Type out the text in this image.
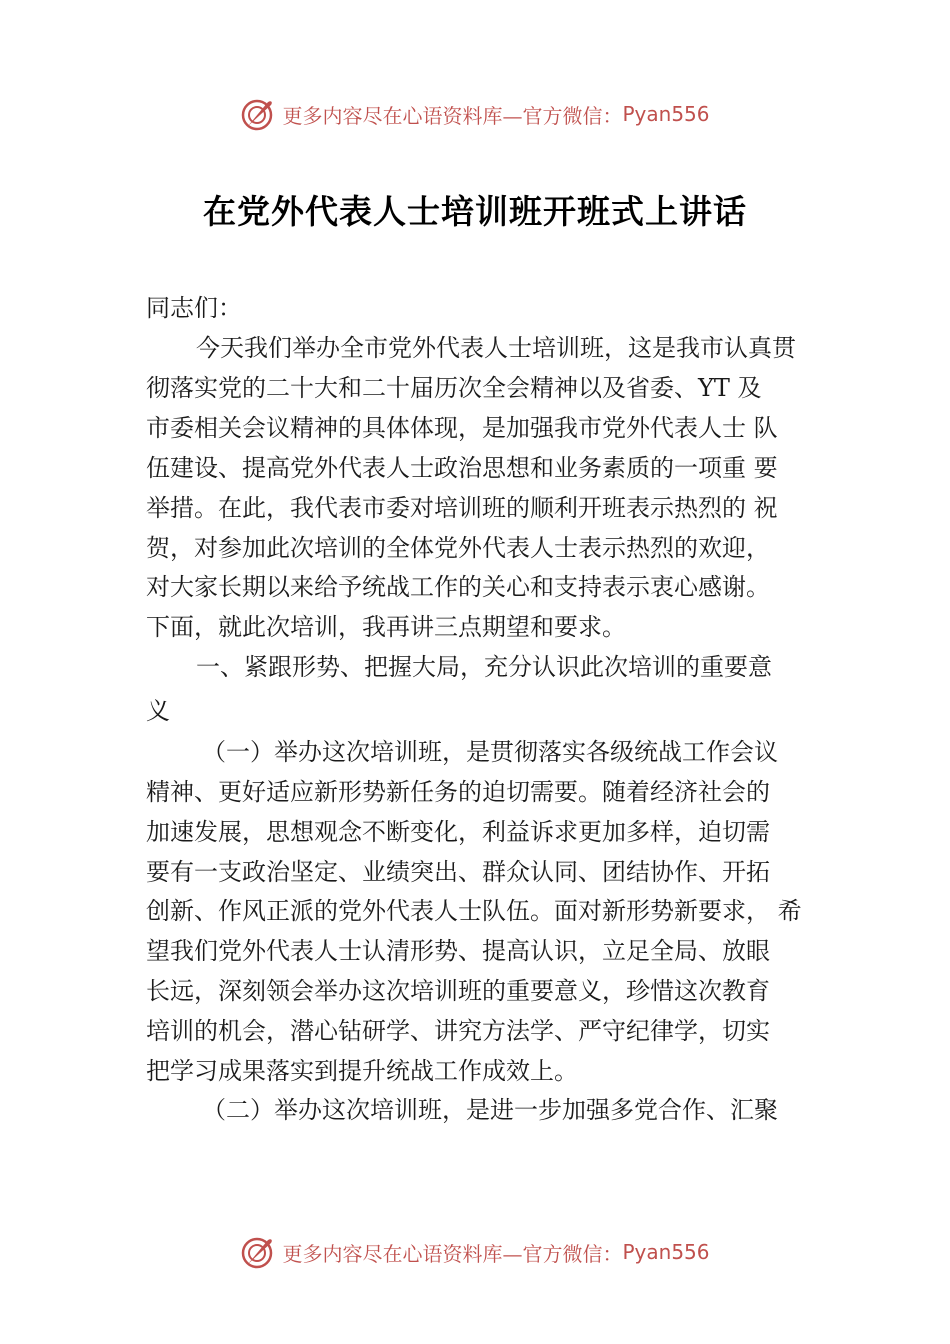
更多内容尽在心语资料库—官方微信： Pyan556
在党外代表人士培训班开班式上讲话
同志们：
今天我们举办全市党外代表人士培训班，这是我市认真贯
彻落实党的二十大和二十届历次全会精神以及省委、YT 及
市委相关会议精神的具体体现，是加强我市党外代表人士 队
伍建设、提高党外代表人士政治思想和业务素质的一项重 要
举措。在此，我代表市委对培训班的顺利开班表示热烈的 祝
贺，对参加此次培训的全体党外代表人士表示热烈的欢迎，
对大家长期以来给予统战工作的关心和支持表示衷心感谢。
下面，就此次培训，我再讲三点期望和要求。
一、紧跟形势、把握大局，充分认识此次培训的重要意
义
（一）举办这次培训班，是贯彻落实各级统战工作会议
精神、更好适应新形势新任务的迫切需要。随着经济社会的
加速发展，思想观念不断变化，利益诉求更加多样，迫切需
要有一支政治坚定、业绩突出、群众认同、团结协作、开拓
创新、作风正派的党外代表人士队伍。面对新形势新要求， 希
望我们党外代表人士认清形势、提高认识，立足全局、放眼
长远，深刻领会举办这次培训班的重要意义，珍惜这次教育
培训的机会，潜心钻研学、讲究方法学、严守纪律学，切实
把学习成果落实到提升统战工作成效上。
（二）举办这次培训班，是进一步加强多党合作、汇聚
更多内容尽在心语资料库—官方微信： Pyan556
